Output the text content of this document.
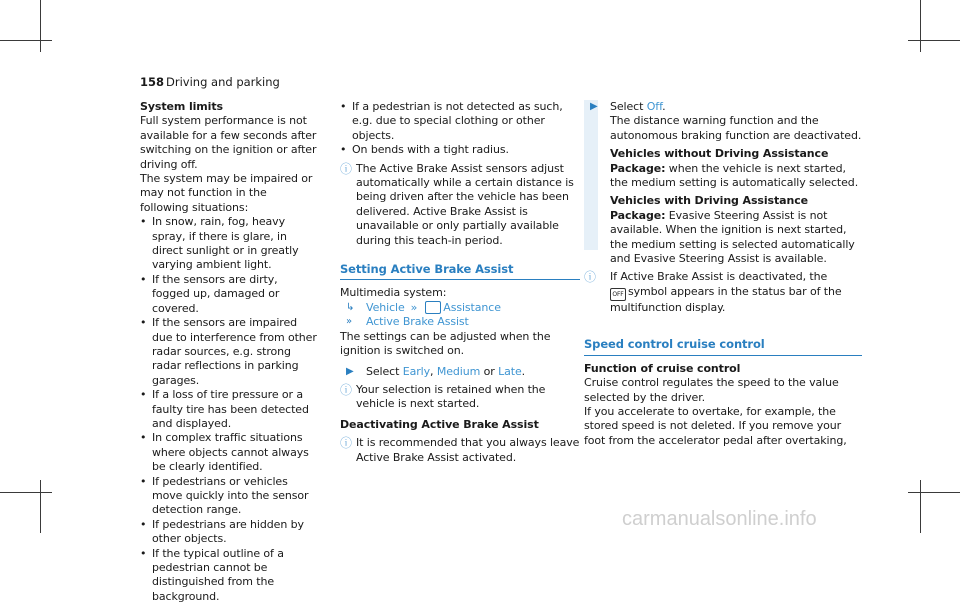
158 Driving and parking

System limits

Full system performance is not available for a few seconds after switching on the ignition or after driving off.

The system may be impaired or may not function in the following situations:

•
In snow, rain, fog, heavy spray, if there is glare, in direct sunlight or in greatly varying ambient light.
•
If the sensors are dirty, fogged up, damaged or covered.
•
If the sensors are impaired due to interference from other radar sources, e.g. strong radar reflections in parking garages.
•
If a loss of tire pressure or a faulty tire has been detected and displayed.
•
In complex traffic situations where objects cannot always be clearly identified.
•
If pedestrians or vehicles move quickly into the sensor detection range.
•
If pedestrians are hidden by other objects.
•
If the typical outline of a pedestrian cannot be distinguished from the background.
•
If a pedestrian is not detected as such, e.g. due to special clothing or other objects.
•
On bends with a tight radius.
ⓘ The Active Brake Assist sensors adjust automatically while a certain distance is being driven after the vehicle has been delivered. Active Brake Assist is unavailable or only partially available during this teach-in period.
Setting Active Brake Assist

Multimedia system:

↳	Vehicle » Assistance
»	Active Brake Assist

The settings can be adjusted when the ignition is switched on.

▶	Select Early, Medium or Late.
ⓘ Your selection is retained when the vehicle is next started.

Deactivating Active Brake Assist

ⓘ It is recommended that you always leave Active Brake Assist activated.
▶	Select Off.

The distance warning function and the autonomous braking function are deactivated.

Vehicles without Driving Assistance Package: when the vehicle is next started, the medium setting is automatically selected.

Vehicles with Driving Assistance Package: Evasive Steering Assist is not available. When the ignition is next started, the medium setting is selected automatically and Evasive Steering Assist is available.

ⓘ	If Active Brake Assist is deactivated, the
OFF symbol appears in the status bar of the multifunction display.
Speed control cruise control

Function of cruise control

Cruise control regulates the speed to the value selected by the driver.

If you accelerate to overtake, for example, the stored speed is not deleted. If you remove your foot from the accelerator pedal after overtaking,

carmanualsonline.info
